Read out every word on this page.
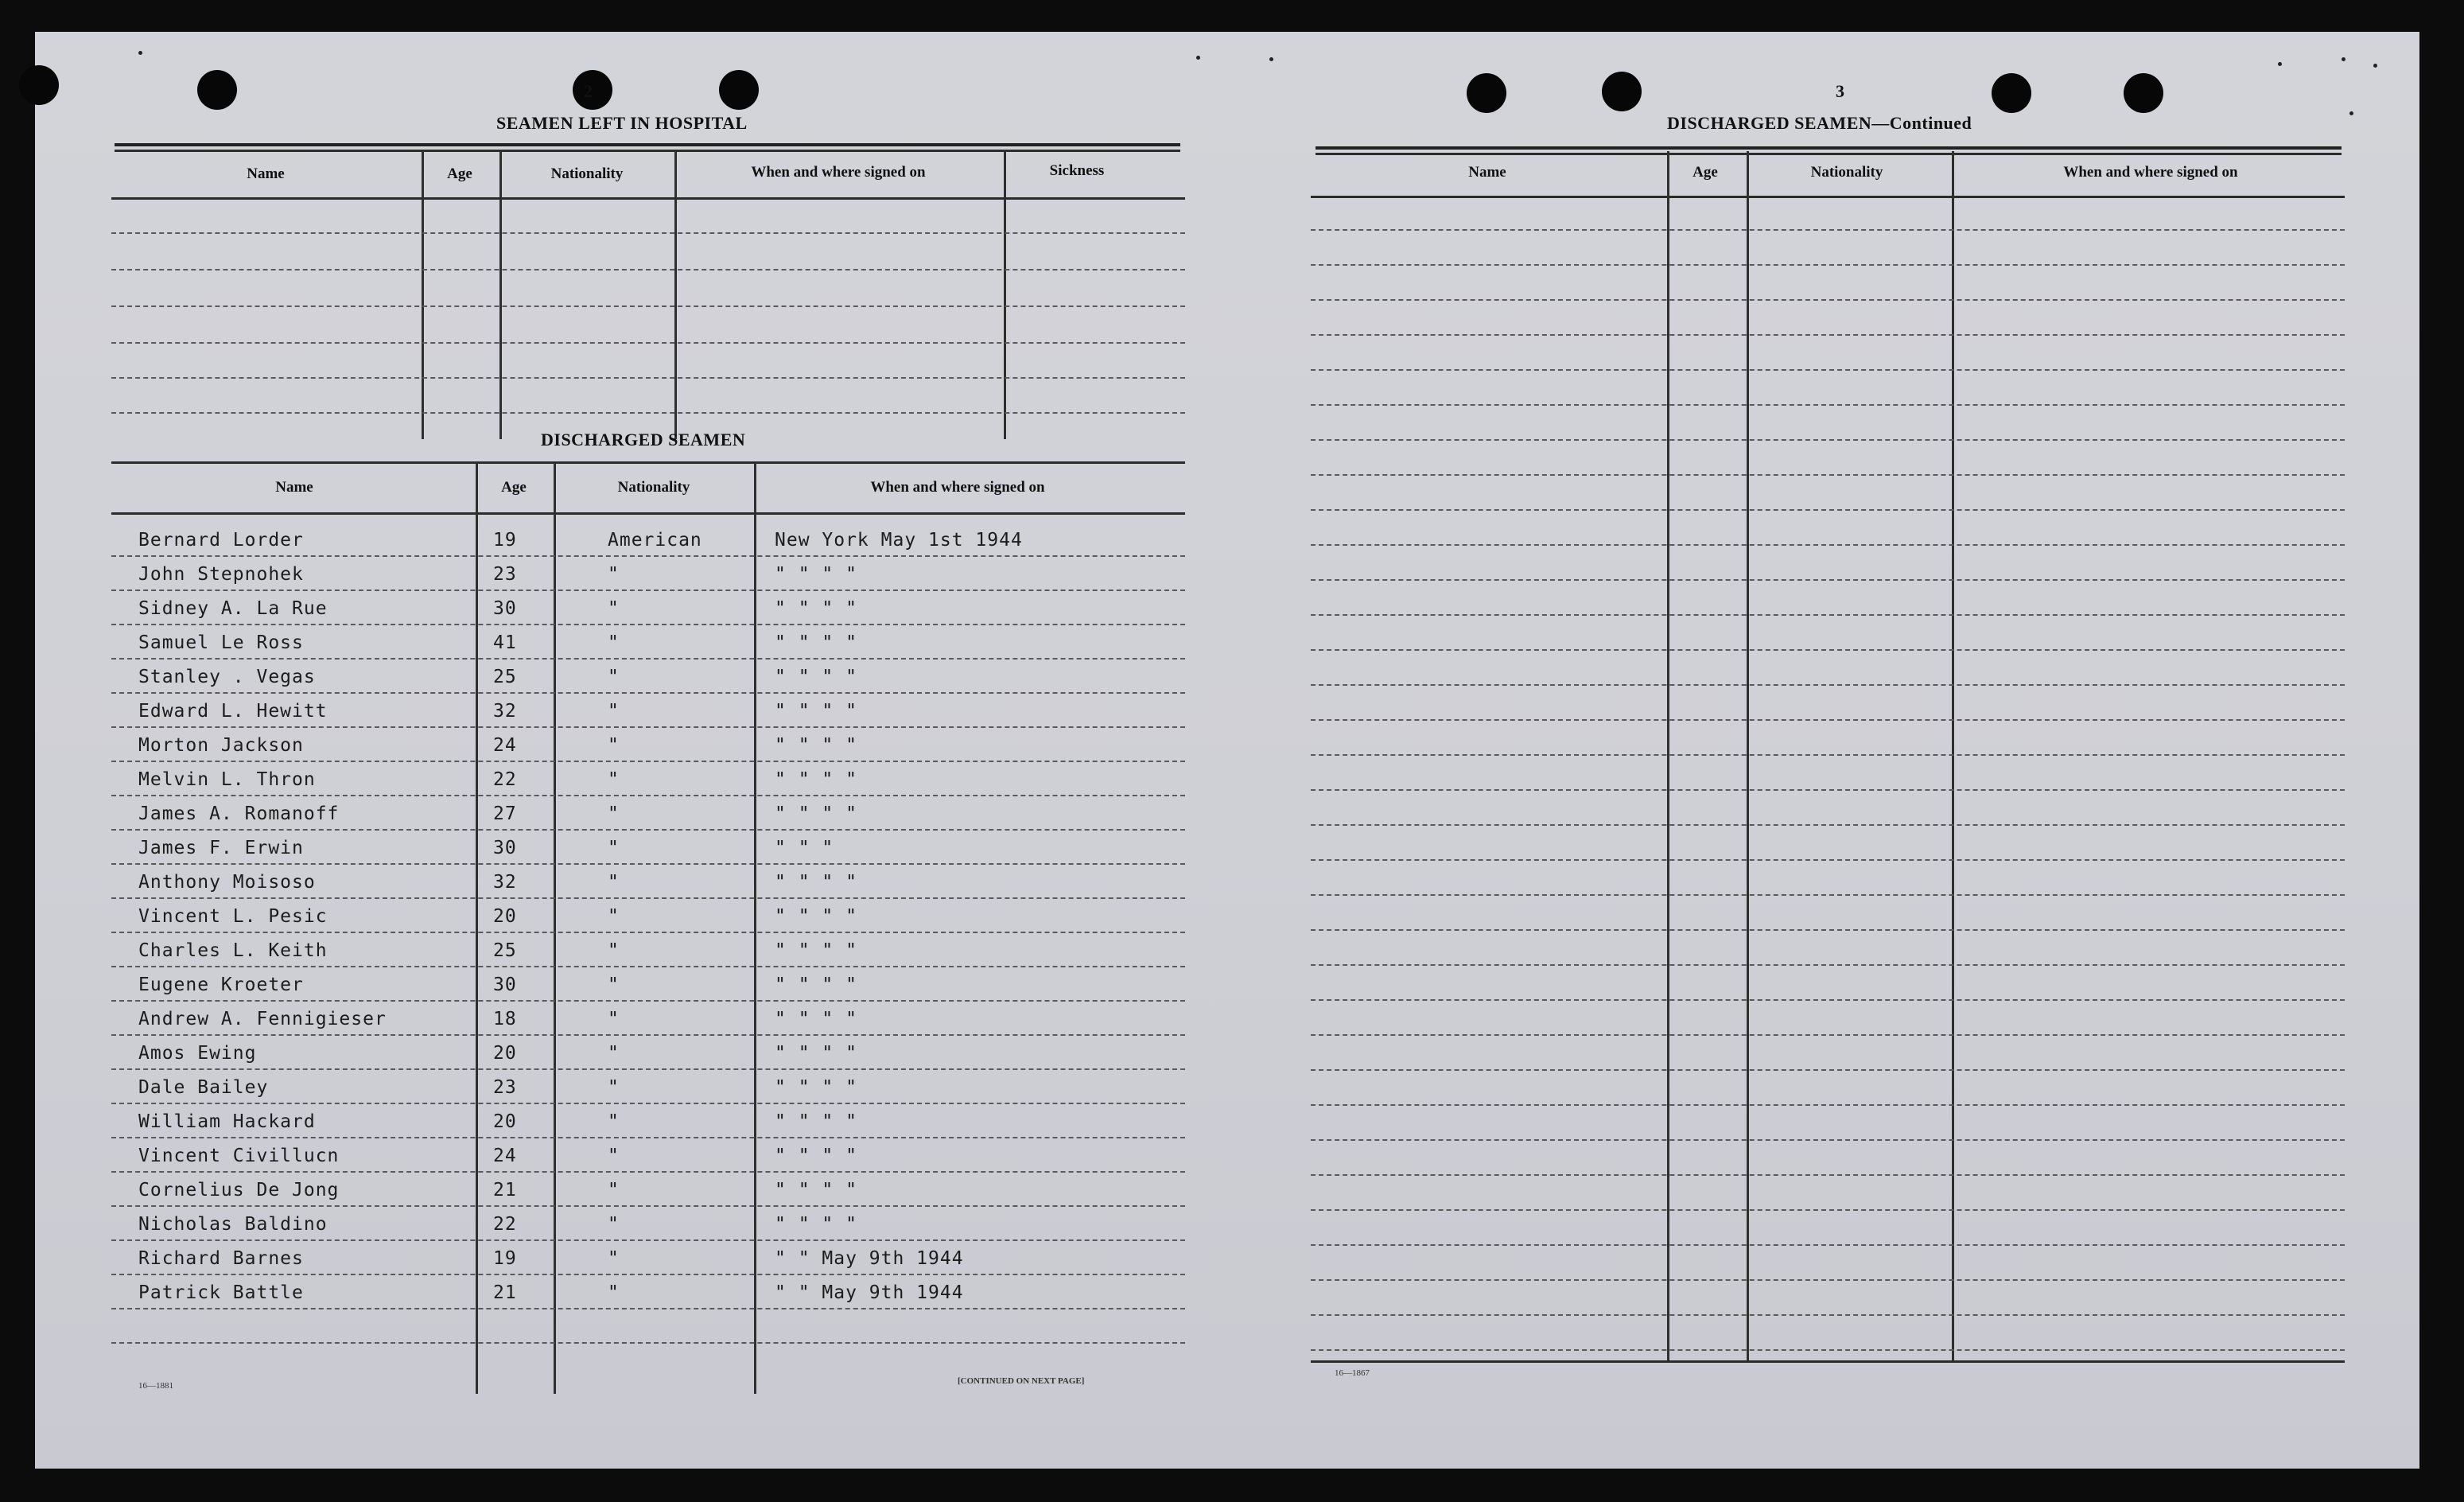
2
SEAMEN LEFT IN HOSPITAL
Name	Age	Nationality	When and where signed on	Sickness
DISCHARGED SEAMEN
Name	Age	Nationality	When and where signed on
Bernard Lorder	19	American	New York May 1st 1944
John Stepnohek	23	"	" " " "
Sidney A. La Rue	30	"	" " " "
Samuel Le Ross	41	"	" " " "
Stanley . Vegas	25	"	" " " "
Edward L. Hewitt	32	"	" " " "
Morton Jackson	24	"	" " " "
Melvin L. Thron	22	"	" " " "
James A. Romanoff	27	"	" " " "
James F. Erwin	30	"	" " "
Anthony Moisoso	32	"	" " " "
Vincent L. Pesic	20	"	" " " "
Charles L. Keith	25	"	" " " "
Eugene Kroeter	30	"	" " " "
Andrew A. Fennigieser	18	"	" " " "
Amos Ewing	20	"	" " " "
Dale Bailey	23	"	" " " "
William Hackard	20	"	" " " "
Vincent Civillucn	24	"	" " " "
Cornelius De Jong	21	"	" " " "
Nicholas Baldino	22	"	" " " "
Richard Barnes	19	"	" " May 9th 1944
Patrick Battle	21	"	" " May 9th 1944
16—1881	[CONTINUED ON NEXT PAGE]
3
DISCHARGED SEAMEN—Continued
Name	Age	Nationality	When and where signed on
16—1867
